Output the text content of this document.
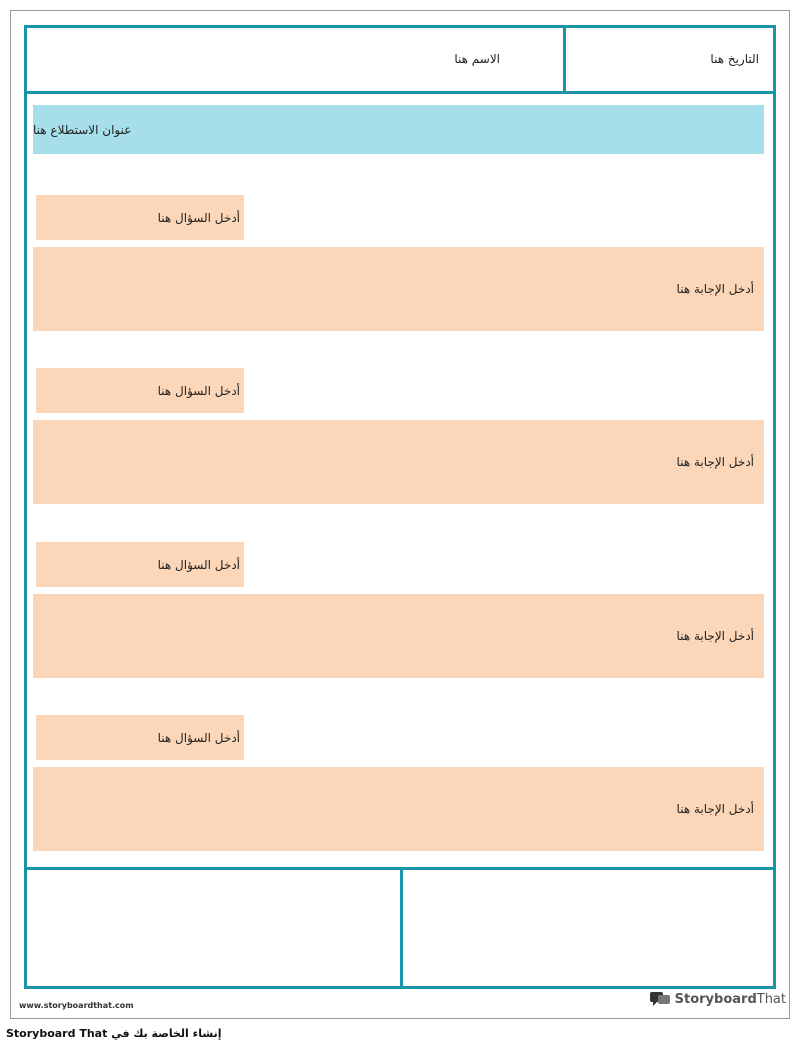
الاسم هنا	التاريخ هنا
عنوان الاستطلاع هنا
أدخل السؤال هنا
أدخل الإجابة هنا
أدخل السؤال هنا
أدخل الإجابة هنا
أدخل السؤال هنا
أدخل الإجابة هنا
أدخل السؤال هنا
أدخل الإجابة هنا
www.storyboardthat.com	StoryboardThat
Storyboard That إنشاء الخاصة بك في
